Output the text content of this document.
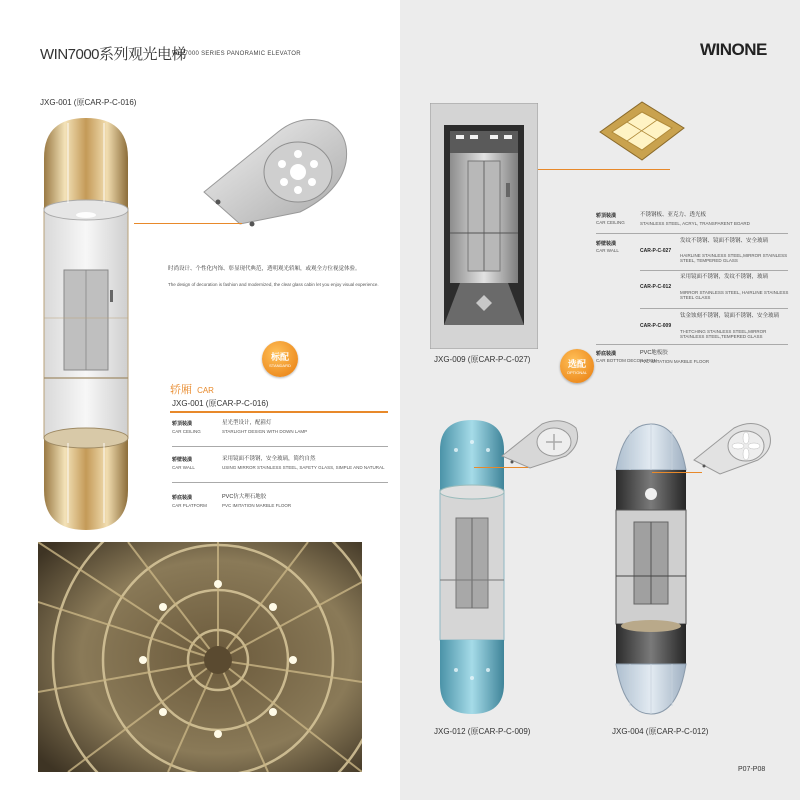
WIN7000系列观光电梯
WIN7000 SERIES PANORAMIC ELEVATOR
JXG-001 (原CAR-P-C-016)
时尚设计、个性化内饰、彰显现代典范，透明观光轿厢，或观全方位视觉体验。
The design of decoration is fashion and modernized, the clear glass cabin let you enjoy visual experience.
标配
STANDARD
轿厢 CAR
JXG-001 (原CAR-P-C-016)
轿顶装潢
CAR CEILING
星光型设计，配箍灯
STARLIGHT DESIGN WITH DOWN LAMP
轿壁装潢
CAR WALL
采用镜面不锈钢，安全玻璃，简约自然
USING MIRROR STAINLESS STEEL, SAFETY GLASS, SIMPLE AND NATURAL
轿底装潢
CAR PLATFORM
PVC仿大理石地胶
PVC IMITATION MARBLE FLOOR
WINONE
轿顶装潢
CAR CEILING
不锈钢板、亚克力、透光板
STAINLESS STEEL, ACRYL, TRANSPARENT BOARD
轿壁装潢
CAR WALL	CAR-P-C-027
发纹不锈钢、镜面不锈钢、安全玻璃
HAIRLINE STAINLESS STEEL,MIRROR STAINLESS STEEL, TEMPERED GLASS
CAR-P-C-012
采用镜面不锈钢，发纹不锈钢，玻璃
MIRROR STAINLESS STEEL, HAIRLINE STAINLESS STEEL GLASS
CAR-P-C-009
钛金蚀刻不锈钢，镜面不锈钢、安全玻璃
TI-ETCHING STAINLESS STEEL,MIRROR STAINLESS STEEL,TEMPERED GLASS
轿底装潢
CAR BOTTOM DECORATION
PVC地板胶
PVC IMITATION MARBLE FLOOR
JXG-009 (原CAR-P-C-027)	选配
OPTIONAL
JXG-012 (原CAR-P-C-009)	JXG-004 (原CAR-P-C-012)
P07-P08
